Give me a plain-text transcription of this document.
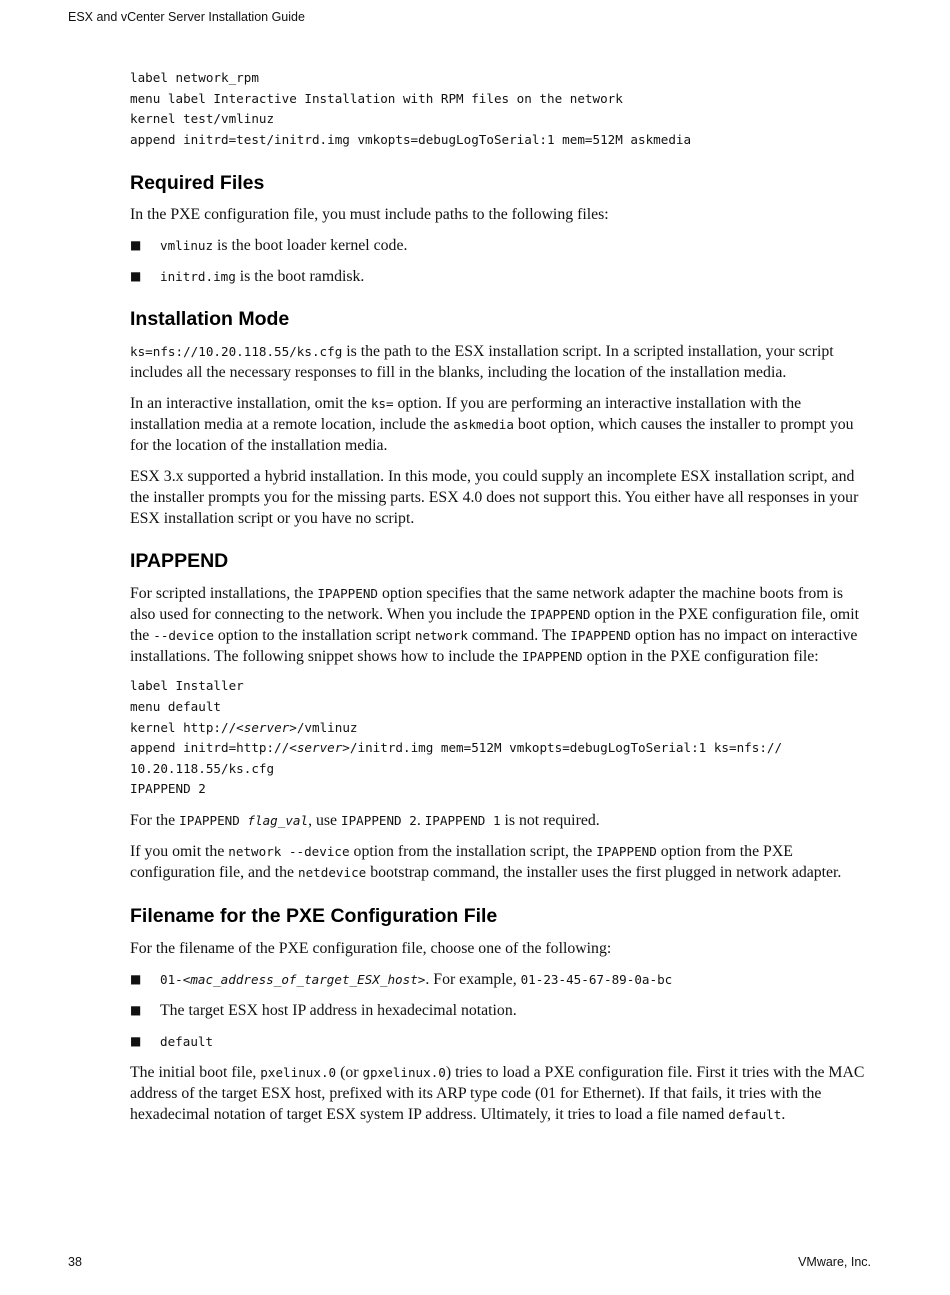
ESX and vCenter Server Installation Guide
label network_rpm
menu label Interactive Installation with RPM files on the network
kernel test/vmlinuz
append initrd=test/initrd.img vmkopts=debugLogToSerial:1 mem=512M askmedia
Required Files

In the PXE configuration file, you must include paths to the following files:

■ vmlinuz is the boot loader kernel code.
■ initrd.img is the boot ramdisk.
Installation Mode

ks=nfs://10.20.118.55/ks.cfg is the path to the ESX installation script. In a scripted installation, your script includes all the necessary responses to fill in the blanks, including the location of the installation media.

In an interactive installation, omit the ks= option. If you are performing an interactive installation with the installation media at a remote location, include the askmedia boot option, which causes the installer to prompt you for the location of the installation media.

ESX 3.x supported a hybrid installation. In this mode, you could supply an incomplete ESX installation script, and the installer prompts you for the missing parts. ESX 4.0 does not support this. You either have all responses in your ESX installation script or you have no script.

IPAPPEND

For scripted installations, the IPAPPEND option specifies that the same network adapter the machine boots from is also used for connecting to the network. When you include the IPAPPEND option in the PXE configuration file, omit the --device option to the installation script network command. The IPAPPEND option has no impact on interactive installations. The following snippet shows how to include the IPAPPEND option in the PXE configuration file:

label Installer
menu default
kernel http://<server>/vmlinuz
append initrd=http://<server>/initrd.img mem=512M vmkopts=debugLogToSerial:1 ks=nfs://
10.20.118.55/ks.cfg
IPAPPEND 2

For the IPAPPEND flag_val, use IPAPPEND 2. IPAPPEND 1 is not required.

If you omit the network --device option from the installation script, the IPAPPEND option from the PXE configuration file, and the netdevice bootstrap command, the installer uses the first plugged in network adapter.

Filename for the PXE Configuration File

For the filename of the PXE configuration file, choose one of the following:

■ 01-<mac_address_of_target_ESX_host>. For example, 01-23-45-67-89-0a-bc
■ The target ESX host IP address in hexadecimal notation.
■ default

The initial boot file, pxelinux.0 (or gpxelinux.0) tries to load a PXE configuration file. First it tries with the MAC address of the target ESX host, prefixed with its ARP type code (01 for Ethernet). If that fails, it tries with the hexadecimal notation of target ESX system IP address. Ultimately, it tries to load a file named default.

38	VMware, Inc.
